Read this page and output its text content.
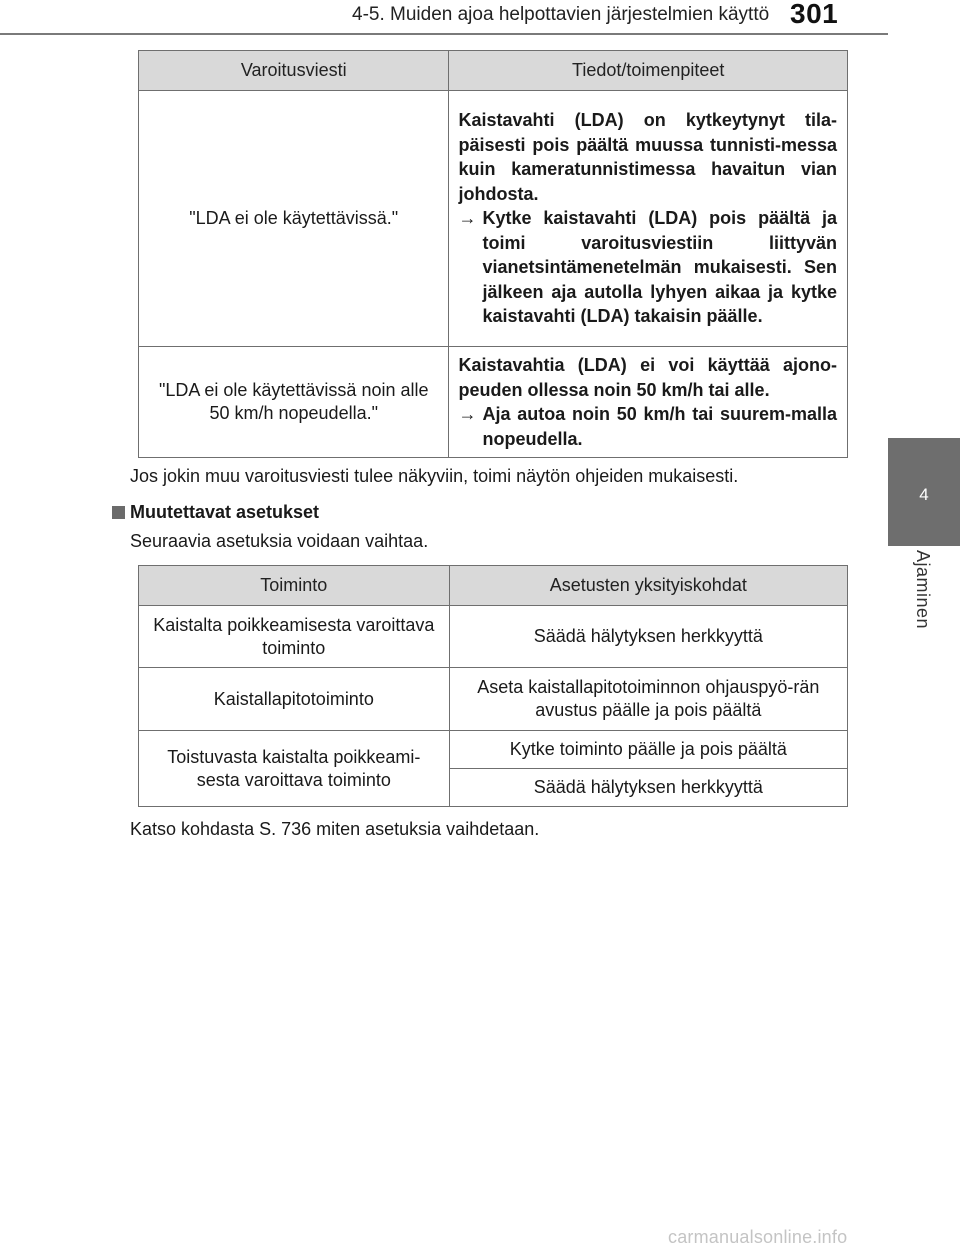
4-5. Muiden ajoa helpottavien järjestelmien käyttö 301
4
Ajaminen
Varoitusviesti	Tiedot/toimenpiteet
"LDA ei ole käytettävissä."	Kaistavahti (LDA) on kytkeytynyt tila-päisesti pois päältä muussa tunnisti-messa kuin kameratunnistimessa havaitun vian johdosta.
→ Kytke kaistavahti (LDA) pois päältä ja toimi varoitusviestiin liittyvän vianetsintämenetelmän mukaisesti. Sen jälkeen aja autolla lyhyen aikaa ja kytke kaistavahti (LDA) takaisin päälle.

"LDA ei ole käytettävissä noin alle 50 km/h nopeudella."	Kaistavahtia (LDA) ei voi käyttää ajono-peuden ollessa noin 50 km/h tai alle.
→ Aja autoa noin 50 km/h tai suurem-malla nopeudella.
Jos jokin muu varoitusviesti tulee näkyviin, toimi näytön ohjeiden mukaisesti.
Muutettavat asetukset
Seuraavia asetuksia voidaan vaihtaa.
Toiminto	Asetusten yksityiskohdat
Kaistalta poikkeamisesta varoittava toiminto	Säädä hälytyksen herkkyyttä
Kaistallapitotoiminto	Aseta kaistallapitotoiminnon ohjauspyö-rän avustus päälle ja pois päältä
Toistuvasta kaistalta poikkeami-sesta varoittava toiminto	Kytke toiminto päälle ja pois päältä
	Säädä hälytyksen herkkyyttä
Katso kohdasta S. 736 miten asetuksia vaihdetaan.
carmanualsonline.info
